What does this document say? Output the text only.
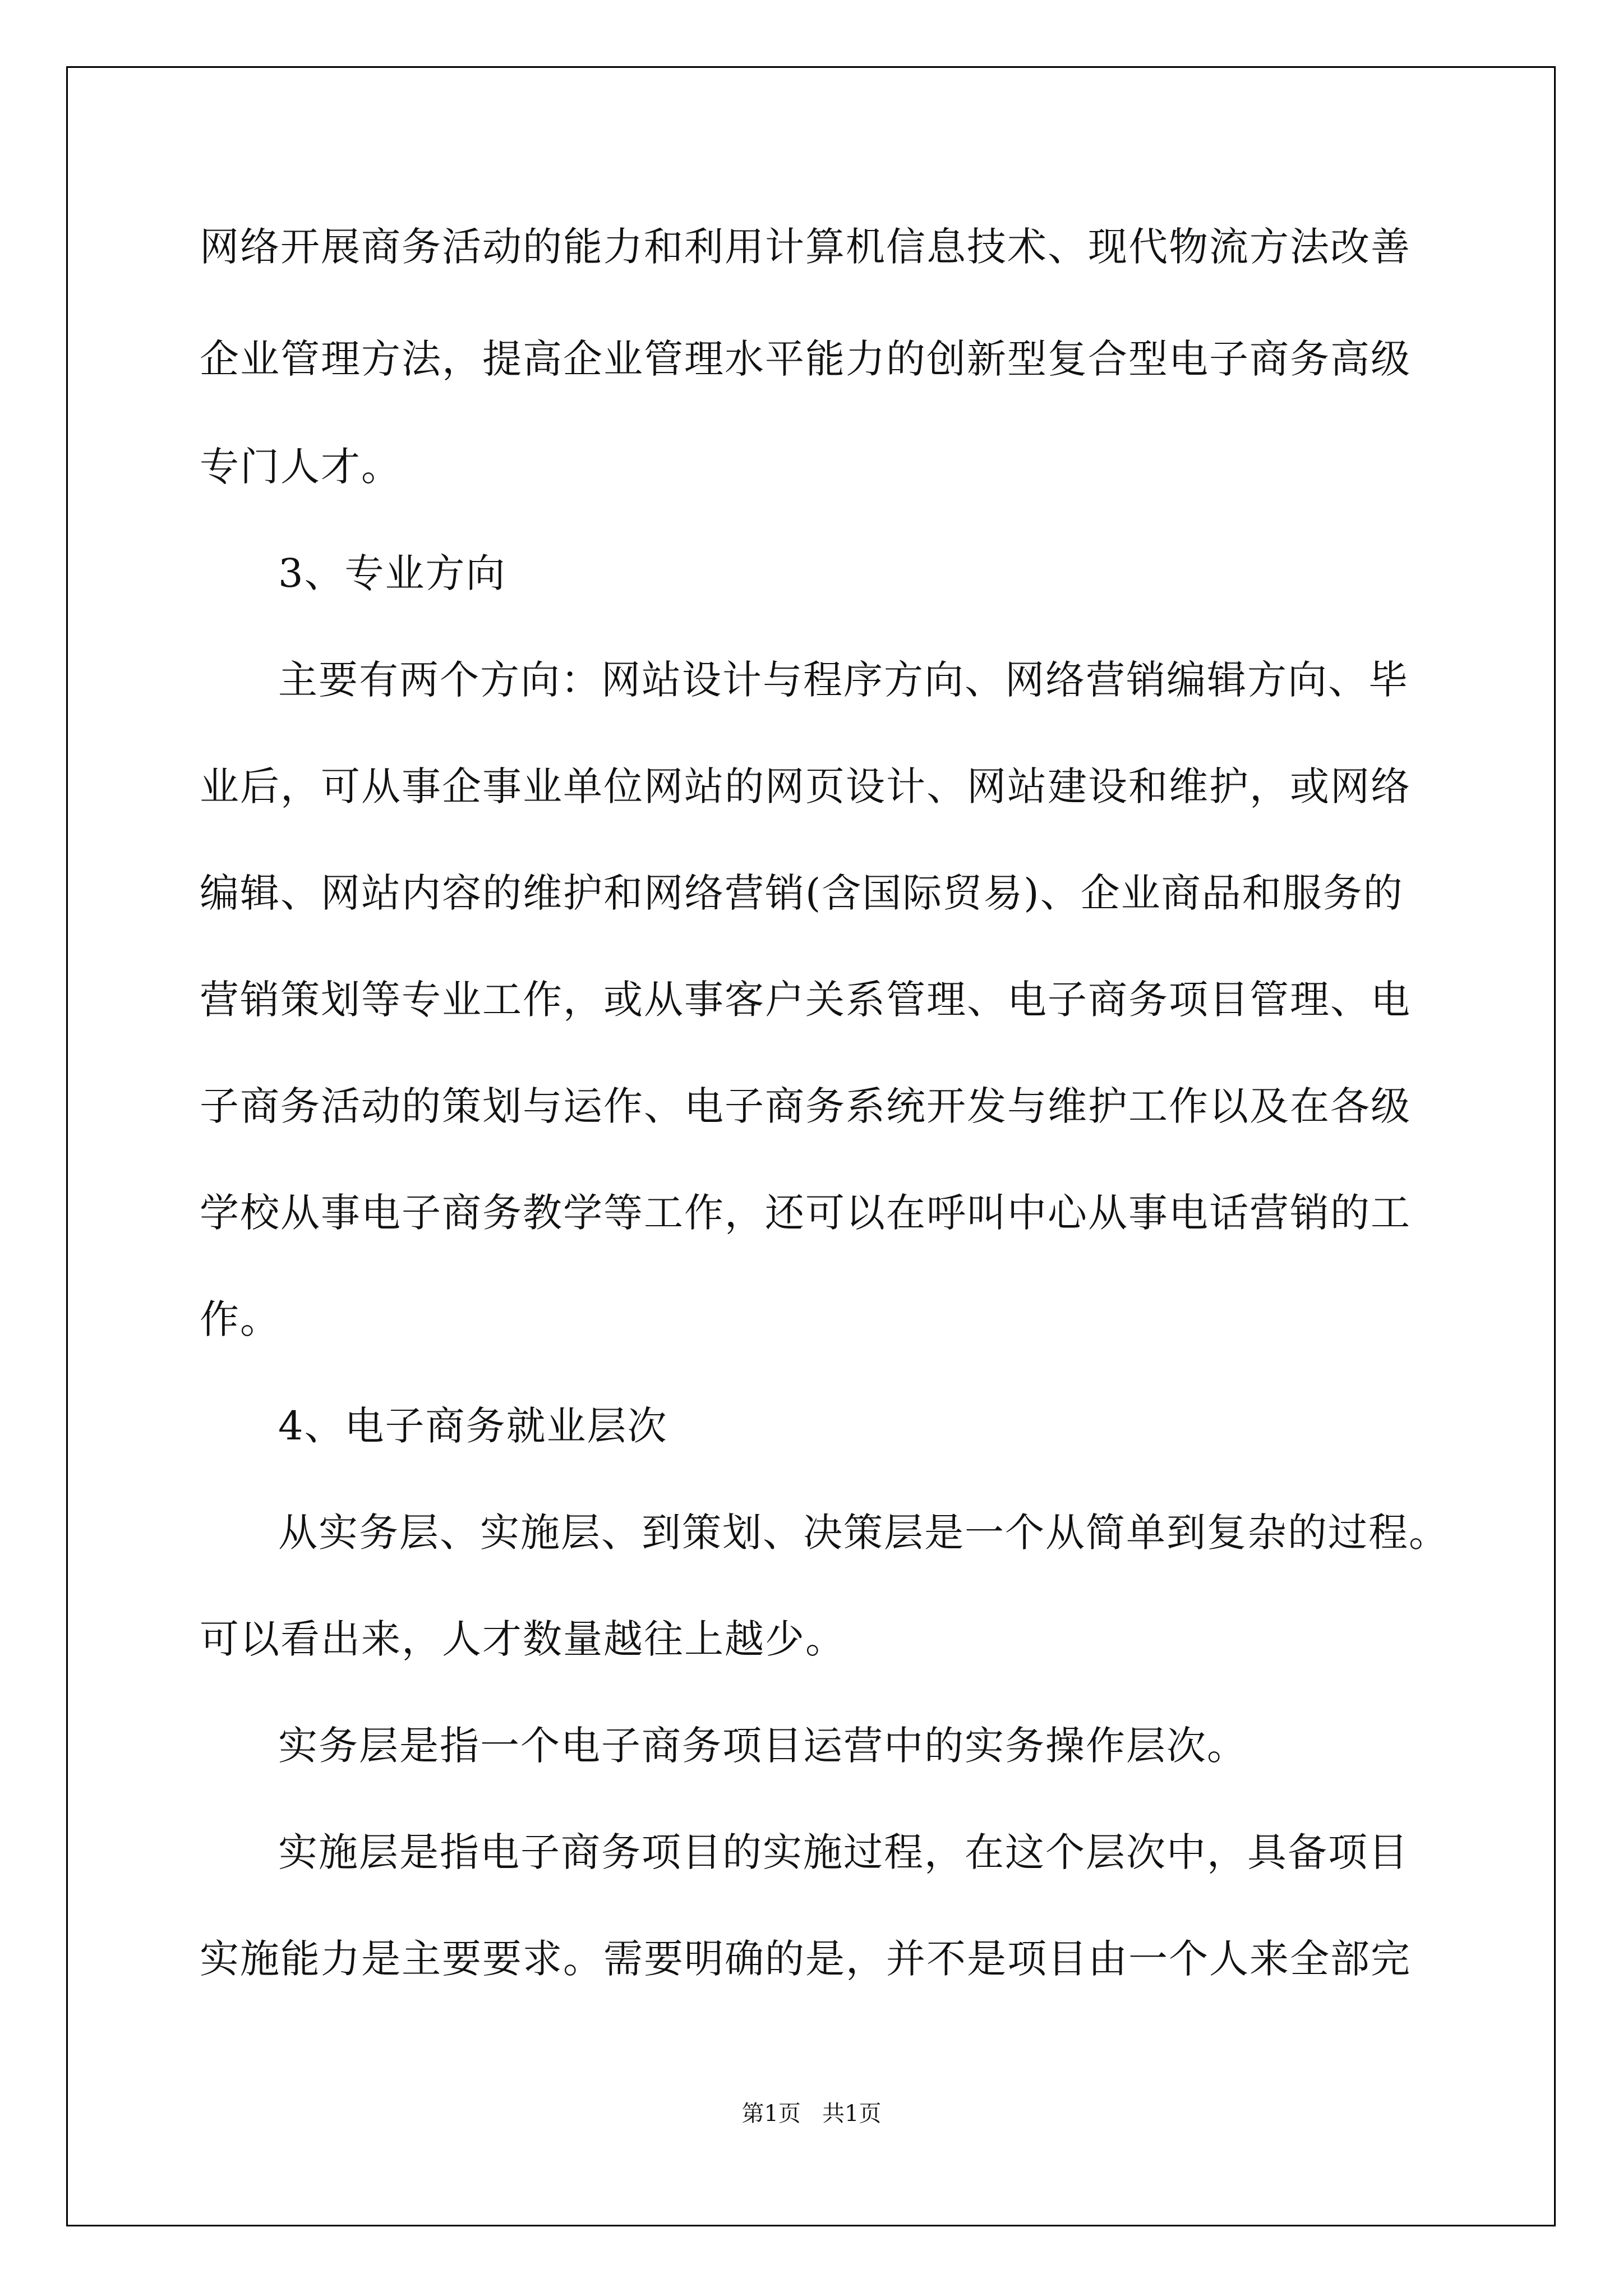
网络开展商务活动的能力和利用计算机信息技术、现代物流方法改善
企业管理方法，提高企业管理水平能力的创新型复合型电子商务高级
专门人才。
3、专业方向
主要有两个方向：网站设计与程序方向、网络营销编辑方向、毕
业后，可从事企事业单位网站的网页设计、网站建设和维护，或网络
编辑、网站内容的维护和网络营销(含国际贸易)、企业商品和服务的
营销策划等专业工作，或从事客户关系管理、电子商务项目管理、电
子商务活动的策划与运作、电子商务系统开发与维护工作以及在各级
学校从事电子商务教学等工作，还可以在呼叫中心从事电话营销的工
作。
4、电子商务就业层次
从实务层、实施层、到策划、决策层是一个从简单到复杂的过程。
可以看出来，人才数量越往上越少。
实务层是指一个电子商务项目运营中的实务操作层次。
实施层是指电子商务项目的实施过程，在这个层次中，具备项目
实施能力是主要要求。需要明确的是，并不是项目由一个人来全部完
第1页   共1页
